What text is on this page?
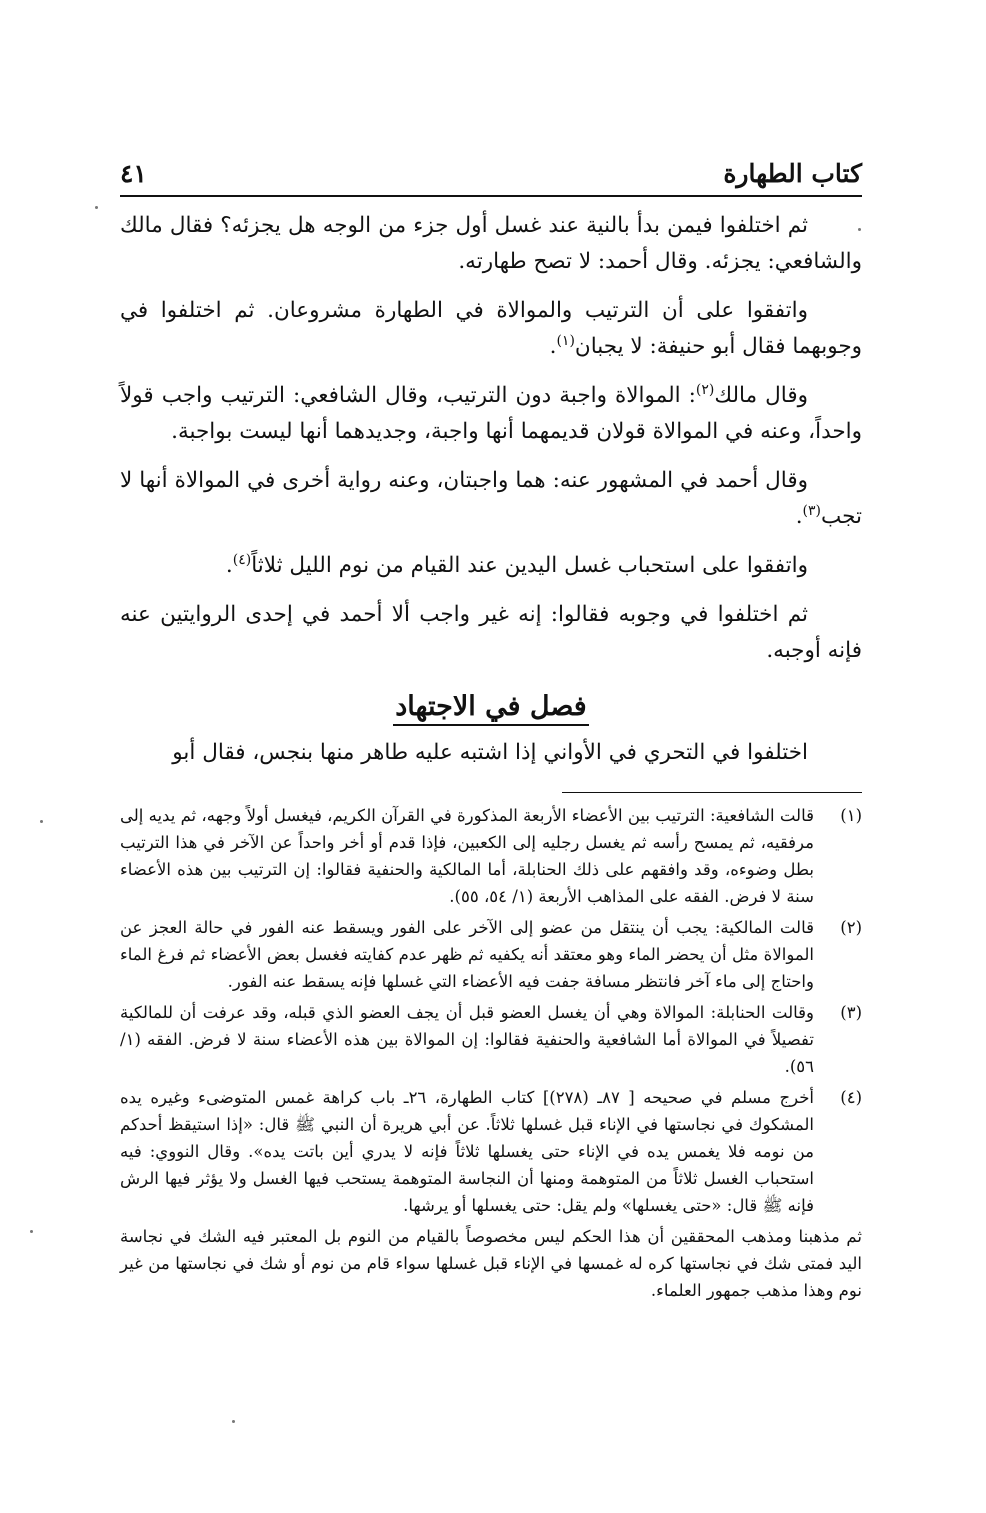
كتاب الطهارة
٤١

ثم اختلفوا فيمن بدأ بالنية عند غسل أول جزء من الوجه هل يجزئه؟ فقال مالك والشافعي: يجزئه. وقال أحمد: لا تصح طهارته.

واتفقوا على أن الترتيب والموالاة في الطهارة مشروعان. ثم اختلفوا في وجوبهما فقال أبو حنيفة: لا يجبان$^{(١)}$.

وقال مالك$^{(٢)}$: الموالاة واجبة دون الترتيب، وقال الشافعي: الترتيب واجب قولاً واحداً، وعنه في الموالاة قولان قديمهما أنها واجبة، وجديدهما أنها ليست بواجبة.

وقال أحمد في المشهور عنه: هما واجبتان، وعنه رواية أخرى في الموالاة أنها لا تجب$^{(٣)}$.

واتفقوا على استحباب غسل اليدين عند القيام من نوم الليل ثلاثاً$^{(٤)}$.

ثم اختلفوا في وجوبه فقالوا: إنه غير واجب ألا أحمد في إحدى الروايتين عنه فإنه أوجبه.

فصل في الاجتهاد

اختلفوا في التحري في الأواني إذا اشتبه عليه طاهر منها بنجس، فقال أبو

(١)
قالت الشافعية: الترتيب بين الأعضاء الأربعة المذكورة في القرآن الكريم، فيغسل أولاً وجهه، ثم يديه إلى مرفقيه، ثم يمسح رأسه ثم يغسل رجليه إلى الكعبين، فإذا قدم أو أخر واحداً عن الآخر في هذا الترتيب بطل وضوءه، وقد وافقهم على ذلك الحنابلة، أما المالكية والحنفية فقالوا: إن الترتيب بين هذه الأعضاء سنة لا فرض. الفقه على المذاهب الأربعة (١/ ٥٤، ٥٥).
(٢)
قالت المالكية: يجب أن ينتقل من عضو إلى الآخر على الفور ويسقط عنه الفور في حالة العجز عن الموالاة مثل أن يحضر الماء وهو معتقد أنه يكفيه ثم ظهر عدم كفايته فغسل بعض الأعضاء ثم فرغ الماء واحتاج إلى ماء آخر فانتظر مسافة جفت فيه الأعضاء التي غسلها فإنه يسقط عنه الفور.
(٣)
وقالت الحنابلة: الموالاة وهي أن يغسل العضو قبل أن يجف العضو الذي قبله، وقد عرفت أن للمالكية تفصيلاً في الموالاة أما الشافعية والحنفية فقالوا: إن الموالاة بين هذه الأعضاء سنة لا فرض. الفقه (١/ ٥٦).
(٤)
أخرج مسلم في صحيحه [ ٨٧ـ (٢٧٨)] كتاب الطهارة، ٢٦ـ باب كراهة غمس المتوضىء وغيره يده المشكوك في نجاستها في الإناء قبل غسلها ثلاثاً. عن أبي هريرة أن النبي ﷺ قال: «إذا استيقظ أحدكم من نومه فلا يغمس يده في الإناء حتى يغسلها ثلاثاً فإنه لا يدري أين باتت يده». وقال النووي: فيه استحباب الغسل ثلاثاً من المتوهمة ومنها أن النجاسة المتوهمة يستحب فيها الغسل ولا يؤثر فيها الرش فإنه ﷺ قال: «حتى يغسلها» ولم يقل: حتى يغسلها أو يرشها.

ثم مذهبنا ومذهب المحققين أن هذا الحكم ليس مخصوصاً بالقيام من النوم بل المعتبر فيه الشك في نجاسة اليد فمتى شك في نجاستها كره له غمسها في الإناء قبل غسلها سواء قام من نوم أو شك في نجاستها من غير نوم وهذا مذهب جمهور العلماء.
